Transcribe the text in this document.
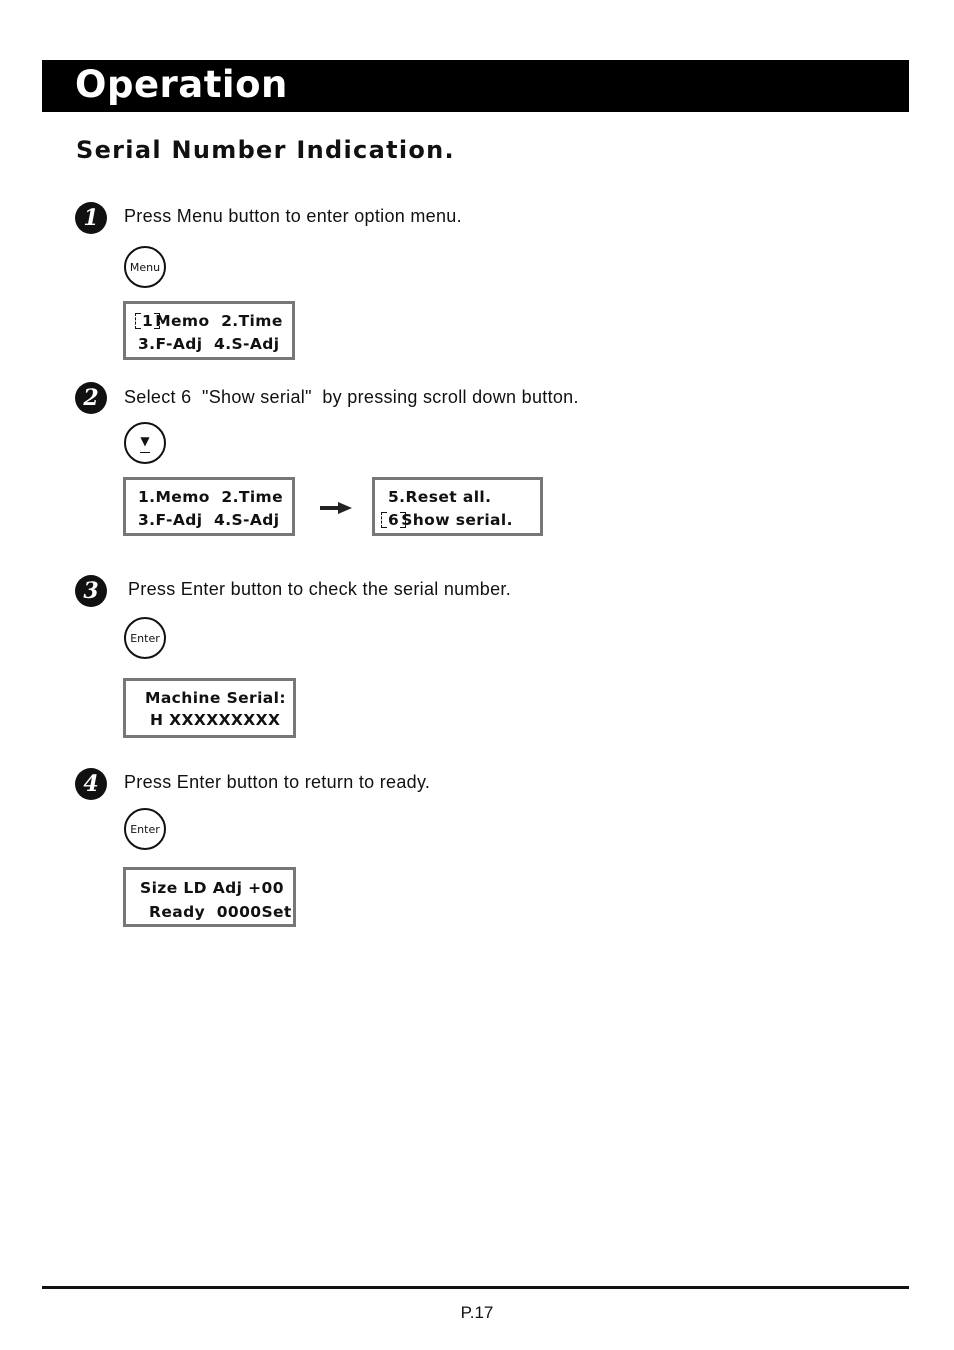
Operation
Serial Number Indication.
1	Press Menu button to enter option menu.
Menu

1 Memo  2.Time

3.F-Adj  4.S-Adj

2	Select 6  "Show serial"  by pressing scroll down button.
▼

1.Memo  2.Time

3.F-Adj  4.S-Adj

5.Reset all.

6 Show serial.

3	Press Enter button to check the serial number.
Enter

Machine Serial:

H XXXXXXXXX

4	Press Enter button to return to ready.
Enter

Size LD Adj +00

Ready  0000Set

P.17
